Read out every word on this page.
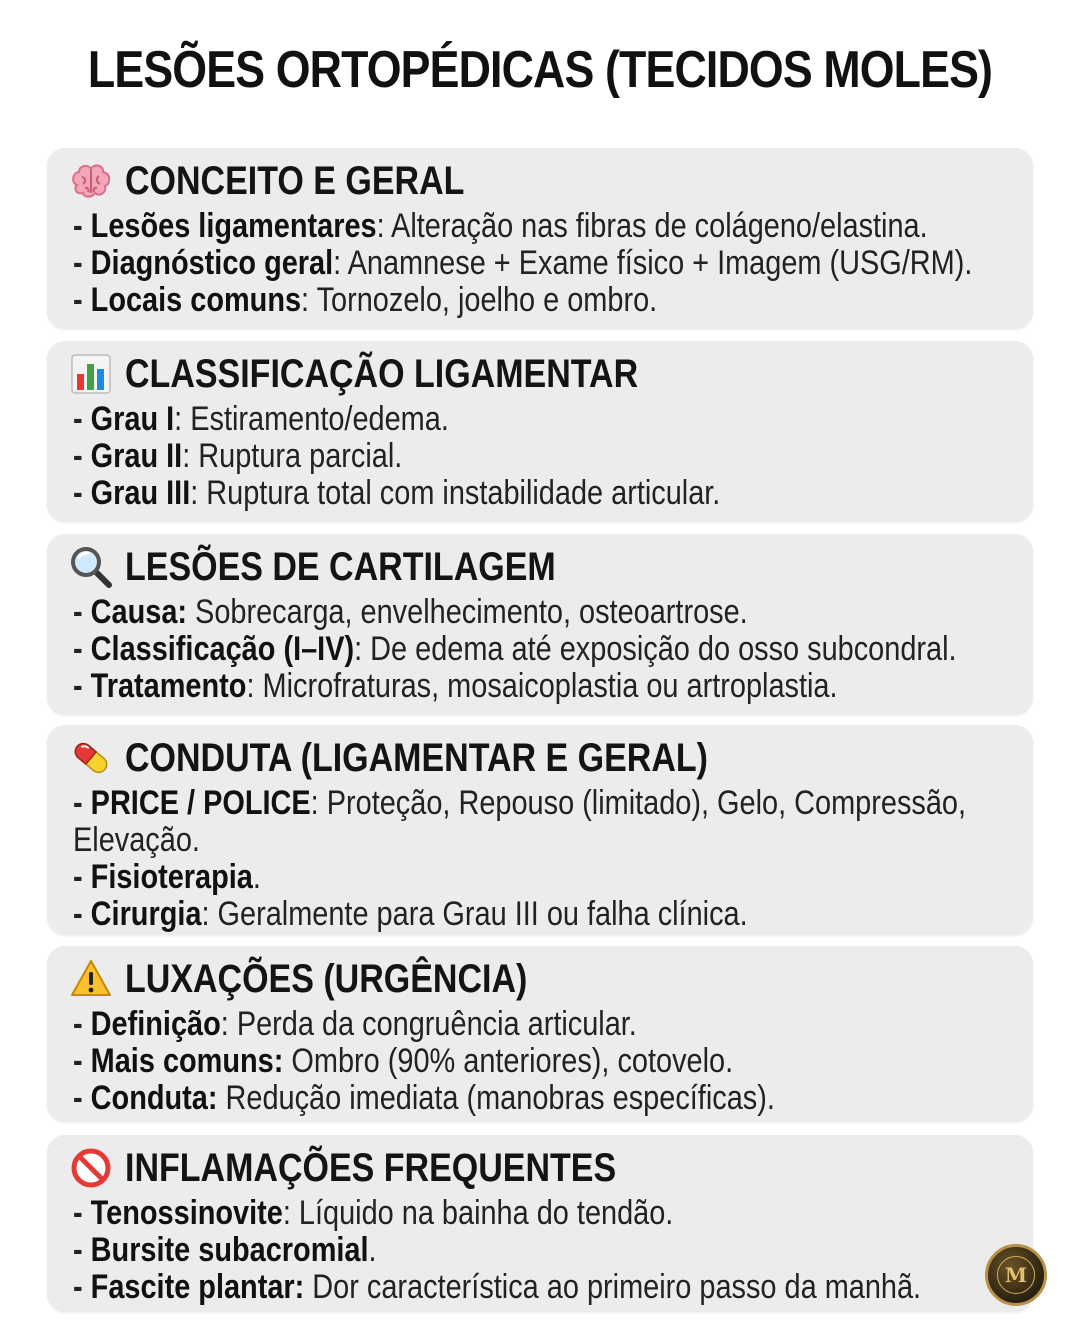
LESÕES ORTOPÉDICAS (TECIDOS MOLES)
CONCEITO E GERAL
- Lesões ligamentares: Alteração nas fibras de colágeno/elastina.
- Diagnóstico geral: Anamnese + Exame físico + Imagem (USG/RM).
- Locais comuns: Tornozelo, joelho e ombro.
CLASSIFICAÇÃO LIGAMENTAR
- Grau I: Estiramento/edema.
- Grau II: Ruptura parcial.
- Grau III: Ruptura total com instabilidade articular.
LESÕES DE CARTILAGEM
- Causa: Sobrecarga, envelhecimento, osteoartrose.
- Classificação (I–IV): De edema até exposição do osso subcondral.
- Tratamento: Microfraturas, mosaicoplastia ou artroplastia.
CONDUTA (LIGAMENTAR E GERAL)
- PRICE / POLICE: Proteção, Repouso (limitado), Gelo, Compressão,
Elevação.
- Fisioterapia.
- Cirurgia: Geralmente para Grau III ou falha clínica.
LUXAÇÕES (URGÊNCIA)
- Definição: Perda da congruência articular.
- Mais comuns: Ombro (90% anteriores), cotovelo.
- Conduta: Redução imediata (manobras específicas).
INFLAMAÇÕES FREQUENTES
- Tenossinovite: Líquido na bainha do tendão.
- Bursite subacromial.
- Fascite plantar: Dor característica ao primeiro passo da manhã.	M
